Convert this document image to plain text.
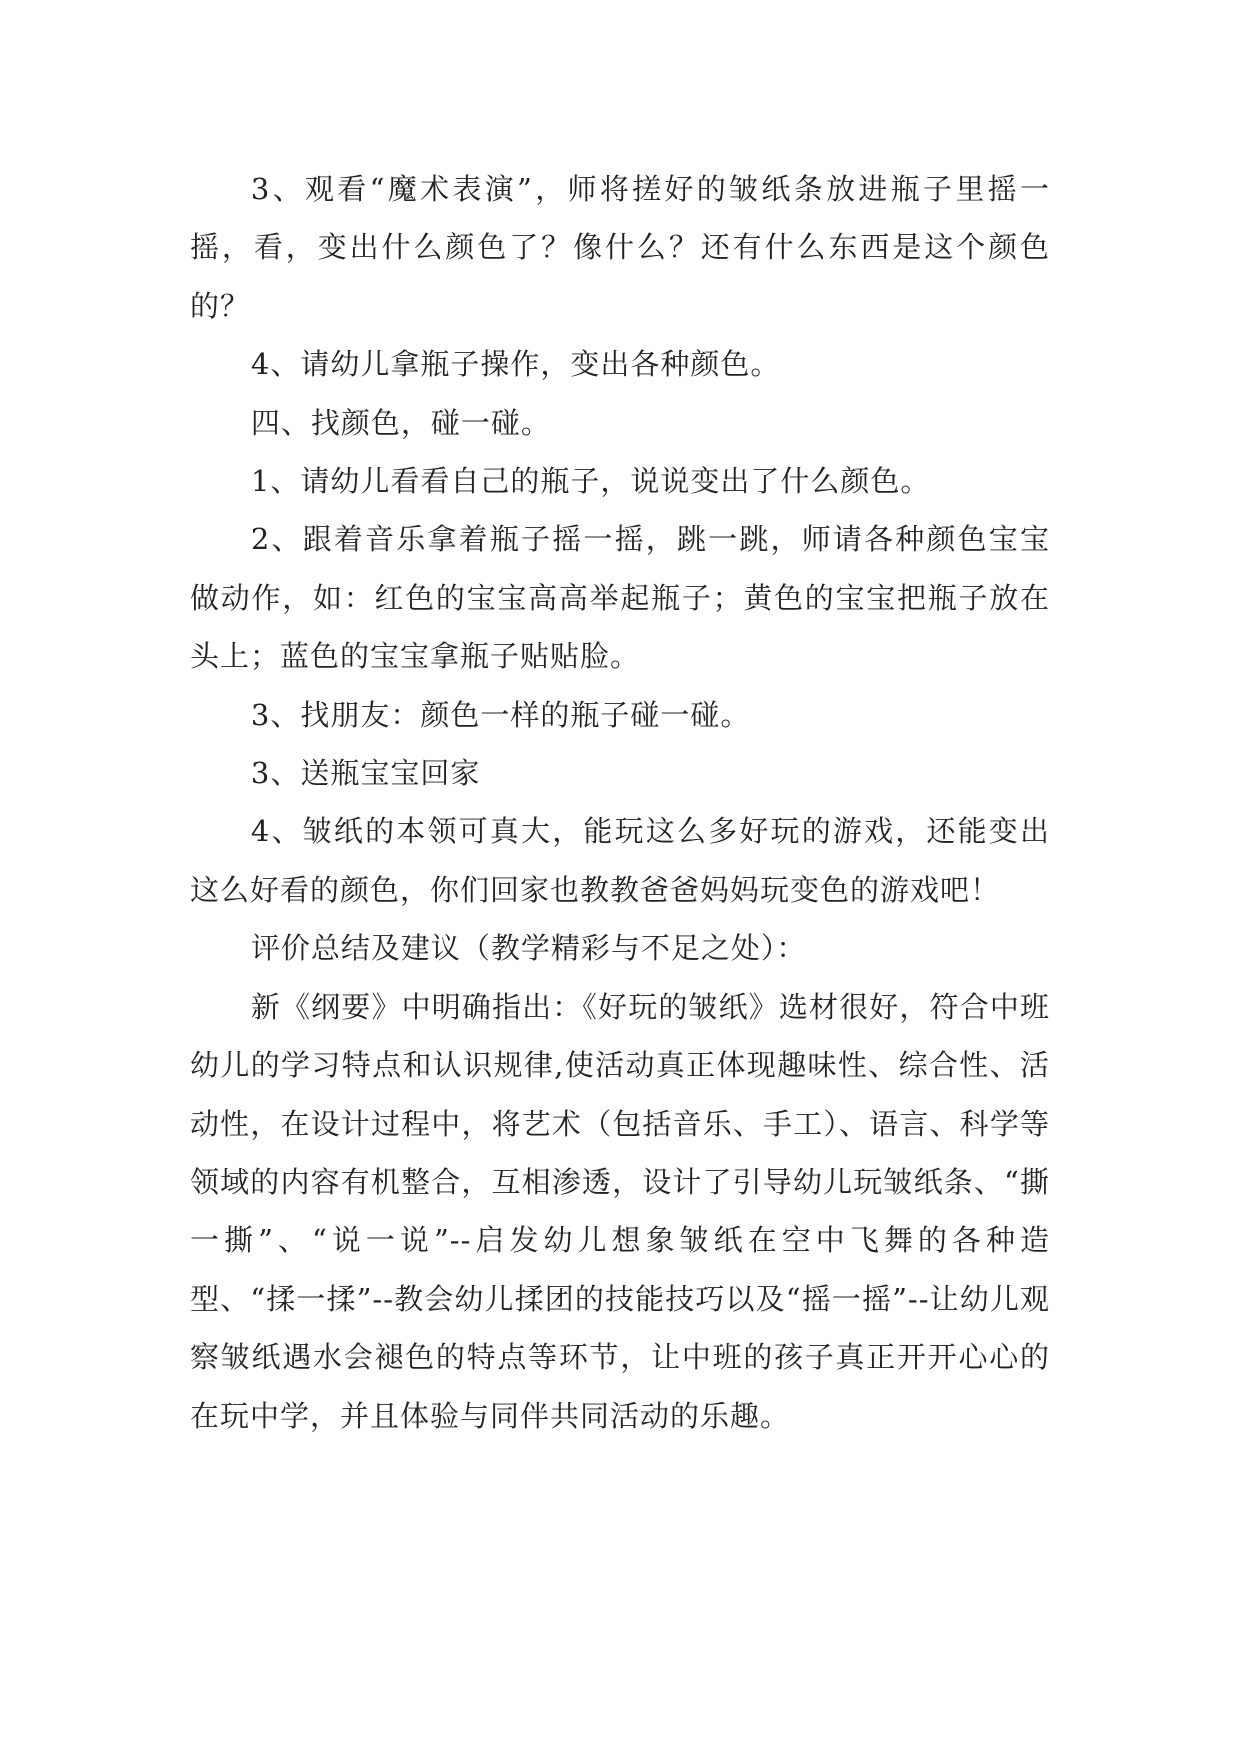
3、观看“魔术表演”，师将搓好的皱纸条放进瓶子里摇一摇，看，变出什么颜色了？像什么？还有什么东西是这个颜色的？

4、请幼儿拿瓶子操作，变出各种颜色。

四、找颜色，碰一碰。

1、请幼儿看看自己的瓶子，说说变出了什么颜色。

2、跟着音乐拿着瓶子摇一摇，跳一跳，师请各种颜色宝宝做动作，如：红色的宝宝高高举起瓶子；黄色的宝宝把瓶子放在头上；蓝色的宝宝拿瓶子贴贴脸。

3、找朋友：颜色一样的瓶子碰一碰。

3、送瓶宝宝回家

4、皱纸的本领可真大，能玩这么多好玩的游戏，还能变出这么好看的颜色，你们回家也教教爸爸妈妈玩变色的游戏吧！

评价总结及建议（教学精彩与不足之处）：

新《纲要》中明确指出：《好玩的皱纸》选材很好，符合中班幼儿的学习特点和认识规律,使活动真正体现趣味性、综合性、活动性，在设计过程中，将艺术（包括音乐、手工）、语言、科学等领域的内容有机整合，互相渗透，设计了引导幼儿玩皱纸条、“撕一撕”、“说一说”--启发幼儿想象皱纸在空中飞舞的各种造型、“揉一揉”--教会幼儿揉团的技能技巧以及“摇一摇”--让幼儿观察皱纸遇水会褪色的特点等环节，让中班的孩子真正开开心心的在玩中学，并且体验与同伴共同活动的乐趣。
